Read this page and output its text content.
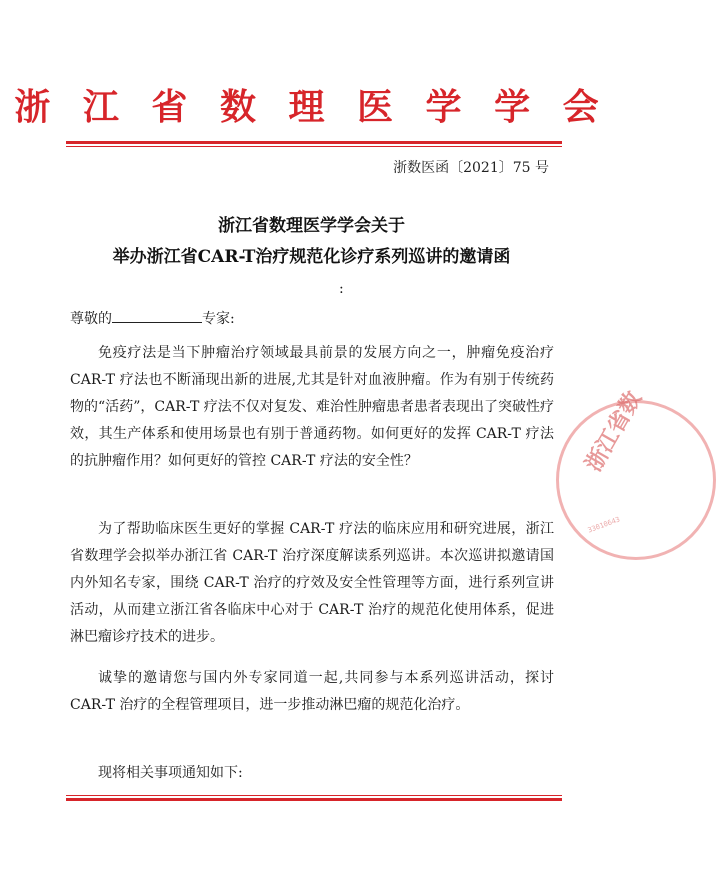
浙 江 省 数 理 医 学 学 会
浙数医函〔2021〕75 号
浙江省数理医学学会关于
举办浙江省CAR-T治疗规范化诊疗系列巡讲的邀请函
:
尊敬的	专家:
免疫疗法是当下肿瘤治疗领域最具前景的发展方向之一，肿瘤免疫治疗 CAR-T 疗法也不断涌现出新的进展,尤其是针对血液肿瘤。作为有别于传统药物的“活药”，CAR-T 疗法不仅对复发、难治性肿瘤患者患者表现出了突破性疗效，其生产体系和使用场景也有别于普通药物。如何更好的发挥 CAR-T 疗法的抗肿瘤作用？如何更好的管控 CAR-T 疗法的安全性？
为了帮助临床医生更好的掌握 CAR-T 疗法的临床应用和研究进展，浙江省数理学会拟举办浙江省 CAR-T 治疗深度解读系列巡讲。本次巡讲拟邀请国内外知名专家，围绕 CAR-T 治疗的疗效及安全性管理等方面，进行系列宣讲活动，从而建立浙江省各临床中心对于 CAR-T 治疗的规范化使用体系，促进淋巴瘤诊疗技术的进步。
诚挚的邀请您与国内外专家同道一起,共同参与本系列巡讲活动，探讨 CAR-T 治疗的全程管理项目，进一步推动淋巴瘤的规范化治疗。
现将相关事项通知如下:
浙江省数
33010643
